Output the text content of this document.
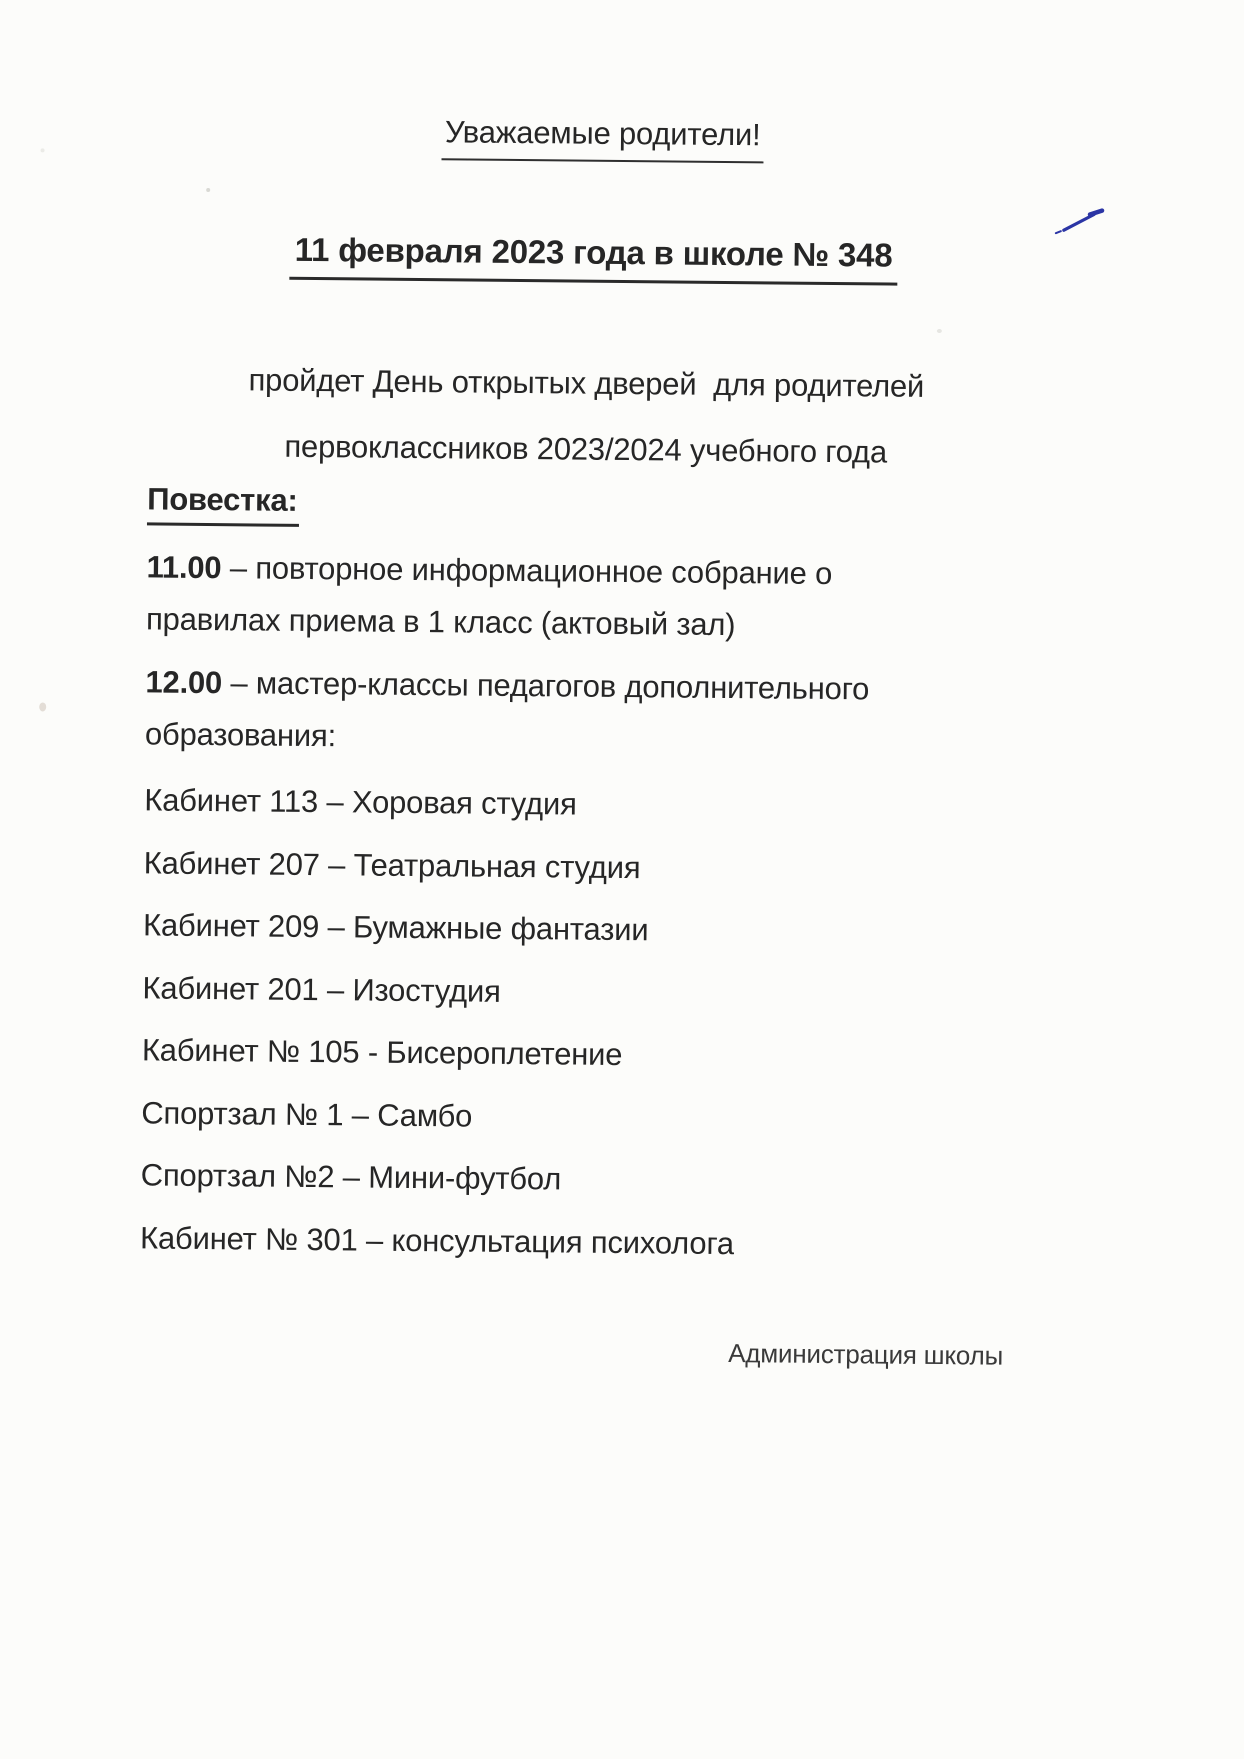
Уважаемые родители!
11 февраля 2023 года в школе № 348
пройдет День открытых дверей  для родителей
первоклассников 2023/2024 учебного года
Повестка:
11.00 – повторное информационное собрание о
правилах приема в 1 класс (актовый зал)
12.00 – мастер-классы педагогов дополнительного
образования:
Кабинет 113 – Хоровая студия
Кабинет 207 – Театральная студия
Кабинет 209 – Бумажные фантазии
Кабинет 201 – Изостудия
Кабинет № 105 - Бисероплетение
Спортзал № 1 – Самбо
Спортзал №2 – Мини-футбол
Кабинет № 301 – консультация психолога
Администрация школы
